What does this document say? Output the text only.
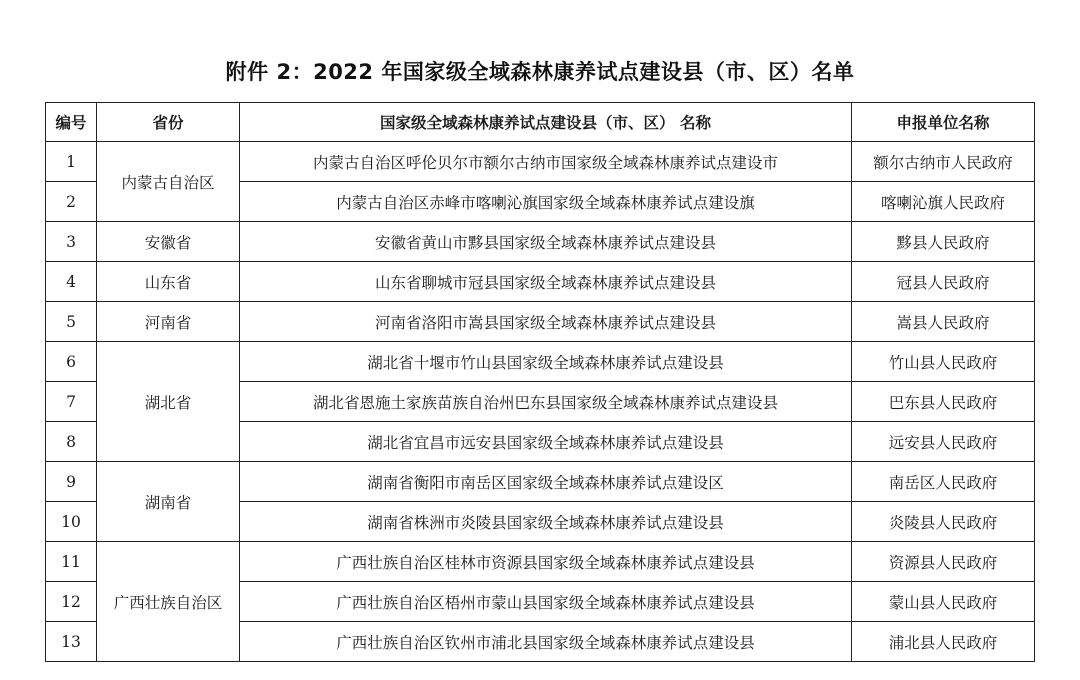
附件 2：2022 年国家级全域森林康养试点建设县（市、区）名单
编号	省份	国家级全域森林康养试点建设县（市、区） 名称	申报单位名称
1	内蒙古自治区	内蒙古自治区呼伦贝尔市额尔古纳市国家级全域森林康养试点建设市	额尔古纳市人民政府
2		内蒙古自治区赤峰市喀喇沁旗国家级全域森林康养试点建设旗	喀喇沁旗人民政府
3	安徽省	安徽省黄山市黟县国家级全域森林康养试点建设县	黟县人民政府
4	山东省	山东省聊城市冠县国家级全域森林康养试点建设县	冠县人民政府
5	河南省	河南省洛阳市嵩县国家级全域森林康养试点建设县	嵩县人民政府
6	湖北省	湖北省十堰市竹山县国家级全域森林康养试点建设县	竹山县人民政府
7		湖北省恩施土家族苗族自治州巴东县国家级全域森林康养试点建设县	巴东县人民政府
8		湖北省宜昌市远安县国家级全域森林康养试点建设县	远安县人民政府
9	湖南省	湖南省衡阳市南岳区国家级全域森林康养试点建设区	南岳区人民政府
10		湖南省株洲市炎陵县国家级全域森林康养试点建设县	炎陵县人民政府
11	广西壮族自治区	广西壮族自治区桂林市资源县国家级全域森林康养试点建设县	资源县人民政府
12		广西壮族自治区梧州市蒙山县国家级全域森林康养试点建设县	蒙山县人民政府
13		广西壮族自治区钦州市浦北县国家级全域森林康养试点建设县	浦北县人民政府
